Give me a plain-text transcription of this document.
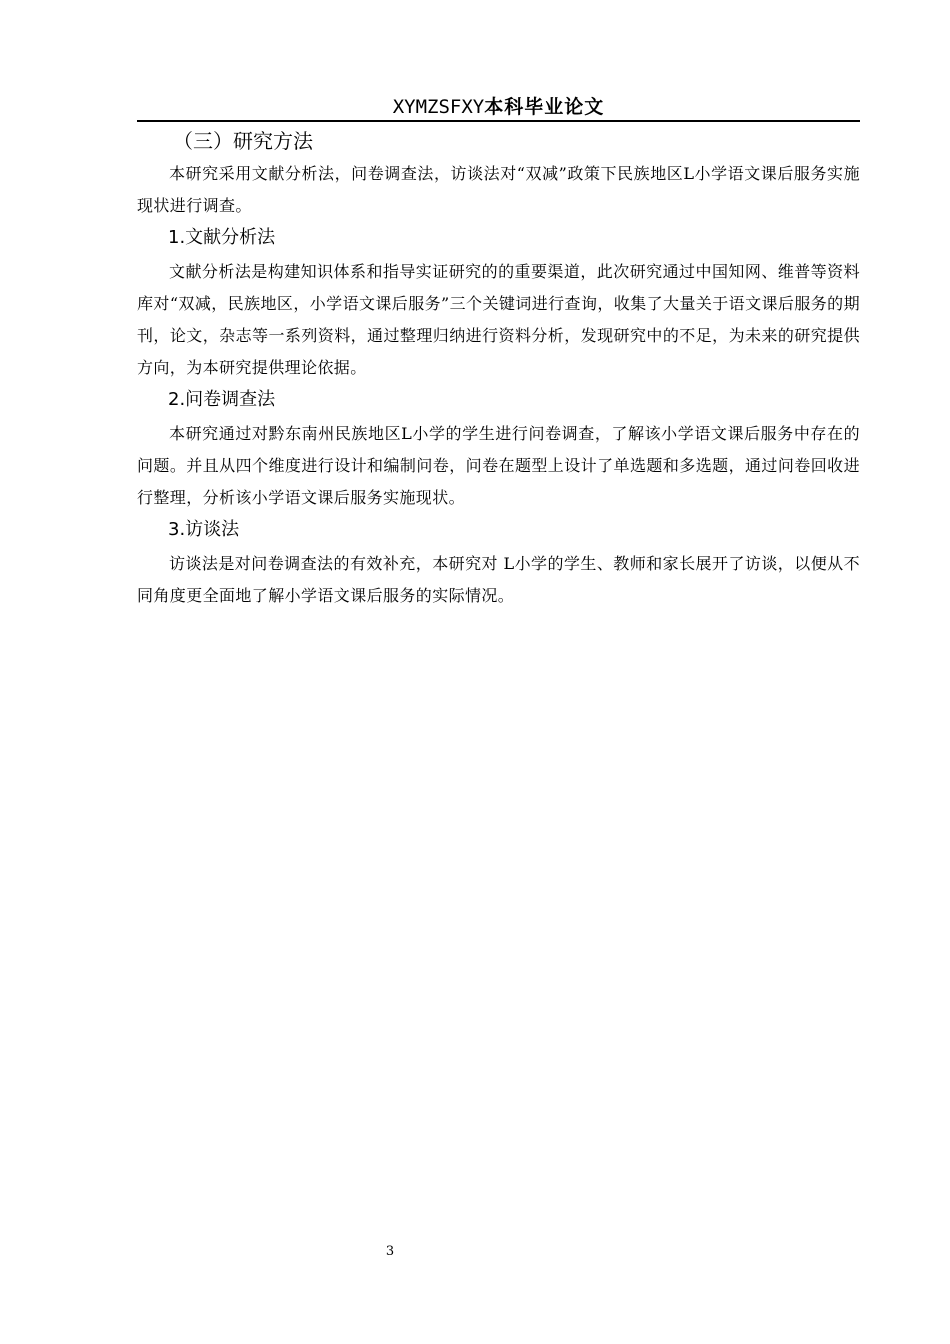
XYMZSFXY本科毕业论文
（三）研究方法

本研究采用文献分析法，问卷调查法，访谈法对“双减”政策下民族地区L小学语文课后服务实施现状进行调查。

1.文献分析法

文献分析法是构建知识体系和指导实证研究的的重要渠道，此次研究通过中国知网、维普等资料库对“双减，民族地区，小学语文课后服务”三个关键词进行查询，收集了大量关于语文课后服务的期刊，论文，杂志等一系列资料，通过整理归纳进行资料分析，发现研究中的不足，为未来的研究提供方向，为本研究提供理论依据。

2.问卷调查法

本研究通过对黔东南州民族地区L小学的学生进行问卷调查，了解该小学语文课后服务中存在的问题。并且从四个维度进行设计和编制问卷，问卷在题型上设计了单选题和多选题，通过问卷回收进行整理，分析该小学语文课后服务实施现状。

3.访谈法

访谈法是对问卷调查法的有效补充，本研究对 L小学的学生、教师和家长展开了访谈，以便从不同角度更全面地了解小学语文课后服务的实际情况。

3
